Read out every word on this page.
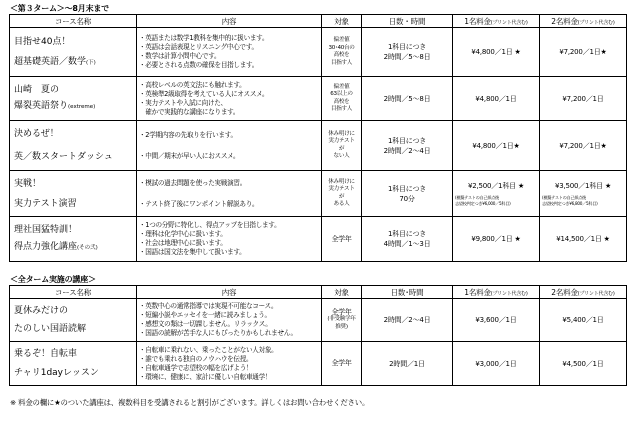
＜第３ターム＞～8月末まで
コース名称	内容	対象	日数・時間	1名料金(プリント代含む)	2名料金(プリント代含む)

目指せ40点！
超基礎英語／数学(下)	・英語または数学1教科を集中的に扱います。
・英語は会話表現とリスニング中心です。
・数学は計算小問中心です。
・必要とされる点数の確保を目指します。	偏差値
30･40台の
高校を
目指す人	1科目につき
2時間／5～8日	¥4,800／1日 ★	¥7,200／1日★

山崎　夏の
爆裂英語祭り(extreme)	・高校レベルの英文法にも触れます。
・英検準2級取得を考えている人にオススメ。
・実力テストや入試に向けた、
　確かで実践的な講座になります。	偏差値
63以上の
高校を
目指す人	2時間／5～8日	¥4,800／1日	¥7,200／1日

決めるぜ！
英／数スタートダッシュ	・2学期内容の先取りを行います。
・中間／期末が早い人におススメ。	休み明けに
実力テスト
が
ない人	1科目につき
2時間／2～4日	¥4,800／1日★	¥7,200／1日★

実戦！
実力テスト演習	・模試の過去問題を使った実戦演習。
・テスト終了後にワンポイント解説あり。	休み明けに
実力テスト
が
ある人	1科目につき
70分	¥2,500／1科目 ★
(模擬テストの自己採点後
志望校判定つき¥6,000／5科目)	¥3,500／1科目 ★
(模擬テストの自己採点後
志望校判定つき¥6,800／5科目)

理社国猛特訓！
得点力強化講座(その弐)	・1つの分野に特化し、得点アップを目指します。
・理科は化学中心に扱います。
・社会は地理中心に扱います。
・国語は国文法を集中して扱います。	全学年	1科目につき
4時間／1～3日	¥9,800／1日 ★	¥14,500／1日 ★
＜全ターム実施の講座＞
コース名称	内容	対象	日数･時間	1名料金(プリント代含む)	2名料金(プリント代含む)

夏休みだけの
たのしい国語読解	・英数中心の通常指導では実現不可能なコース。
・短編小説やエッセイを一緒に読みましょう。
・感想文の類は一切課しません。リラックス。
・国語の読解が苦手な人にもぴったりかもしれません。	全学年
(非受験学年
推奨)	2時間／2～4日	¥3,600／1日	¥5,400／1日

乗るぞ！自転車
チャリ1dayレッスン	・自転車に乗れない、乗ったことがない人対象。
・誰でも乗れる独自のノウハウを伝授。
・自転車通学で志望校の幅を広げよう！
・環境に、健康に、家計に優しい自転車通学！	全学年	2時間／1日	¥3,000／1日	¥4,500／1日
※ 料金の欄に★のついた講座は、複数科目を受講されると割引がございます。詳しくはお問い合わせください。
